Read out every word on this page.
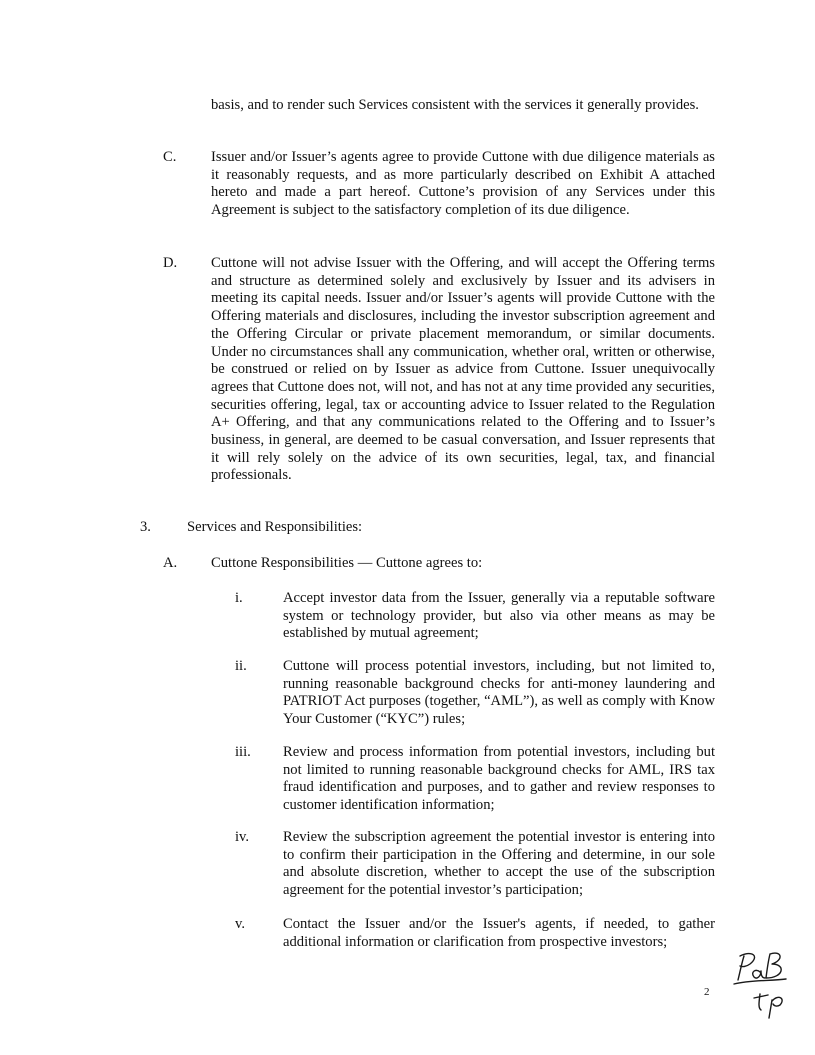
basis, and to render such Services consistent with the services it generally provides.
C. Issuer and/or Issuer’s agents agree to provide Cuttone with due diligence materials as it reasonably requests, and as more particularly described on Exhibit A attached hereto and made a part hereof. Cuttone’s provision of any Services under this Agreement is subject to the satisfactory completion of its due diligence.
D. Cuttone will not advise Issuer with the Offering, and will accept the Offering terms and structure as determined solely and exclusively by Issuer and its advisers in meeting its capital needs. Issuer and/or Issuer’s agents will provide Cuttone with the Offering materials and disclosures, including the investor subscription agreement and the Offering Circular or private placement memorandum, or similar documents. Under no circumstances shall any communication, whether oral, written or otherwise, be construed or relied on by Issuer as advice from Cuttone. Issuer unequivocally agrees that Cuttone does not, will not, and has not at any time provided any securities, securities offering, legal, tax or accounting advice to Issuer related to the Regulation A+ Offering, and that any communications related to the Offering and to Issuer’s business, in general, are deemed to be casual conversation, and Issuer represents that it will rely solely on the advice of its own securities, legal, tax, and financial professionals.
3. Services and Responsibilities:
A. Cuttone Responsibilities — Cuttone agrees to:
i.	Accept investor data from the Issuer, generally via a reputable software system or technology provider, but also via other means as may be established by mutual agreement;
ii. Cuttone will process potential investors, including, but not limited to, running reasonable background checks for anti-money laundering and PATRIOT Act purposes (together, “AML”), as well as comply with Know Your Customer (“KYC”) rules;
iii. Review and process information from potential investors, including but not limited to running reasonable background checks for AML, IRS tax fraud identification and purposes, and to gather and review responses to customer identification information;
iv. Review the subscription agreement the potential investor is entering into to confirm their participation in the Offering and determine, in our sole and absolute discretion, whether to accept the use of the subscription agreement for the potential investor’s participation;
v.	Contact the Issuer and/or the Issuer's agents, if needed, to gather additional information or clarification from prospective investors;
2
